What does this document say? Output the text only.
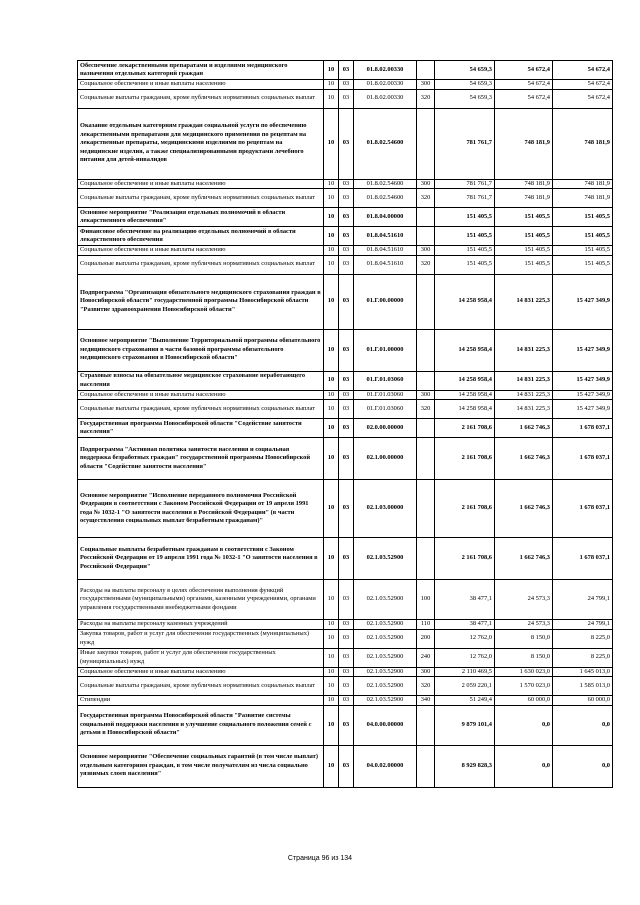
Обеспечение лекарственными препаратами и изделиями медицинского назначения отдельных категорий граждан	10	03	01.8.02.00330		54 659,3	54 672,4	54 672,4
Социальное обеспечение и иные выплаты населению	10	03	01.8.02.00330	300	54 659,3	54 672,4	54 672,4
Социальные выплаты гражданам, кроме публичных нормативных социальных выплат	10	03	01.8.02.00330	320	54 659,3	54 672,4	54 672,4
Оказание отдельным категориям граждан социальной услуги по обеспечению лекарственными препаратами для медицинского применения по рецептам на лекарственные препараты, медицинскими изделиями по рецептам на медицинские изделия, а также специализированными продуктами лечебного питания для детей-инвалидов	10	03	01.8.02.54600		781 761,7	748 181,9	748 181,9
Социальное обеспечение и иные выплаты населению	10	03	01.8.02.54600	300	781 761,7	748 181,9	748 181,9
Социальные выплаты гражданам, кроме публичных нормативных социальных выплат	10	03	01.8.02.54600	320	781 761,7	748 181,9	748 181,9
Основное мероприятие "Реализация отдельных полномочий в области лекарственного обеспечения"	10	03	01.8.04.00000		151 405,5	151 405,5	151 405,5
Финансовое обеспечение на реализацию отдельных полномочий в области лекарственного обеспечения	10	03	01.8.04.51610		151 405,5	151 405,5	151 405,5
Социальное обеспечение и иные выплаты населению	10	03	01.8.04.51610	300	151 405,5	151 405,5	151 405,5
Социальные выплаты гражданам, кроме публичных нормативных социальных выплат	10	03	01.8.04.51610	320	151 405,5	151 405,5	151 405,5
Подпрограмма "Организация обязательного медицинского страхования граждан в Новосибирской области" государственной программы Новосибирской области "Развитие здравоохранения Новосибирской области"	10	03	01.Г.00.00000		14 258 958,4	14 831 225,3	15 427 349,9
Основное мероприятие "Выполнение Территориальной программы обязательного медицинского страхования в части базовой программы обязательного медицинского страхования в Новосибирской области"	10	03	01.Г.01.00000		14 258 958,4	14 831 225,3	15 427 349,9
Страховые взносы на обязательное медицинское страхование неработающего населения	10	03	01.Г.01.03060		14 258 958,4	14 831 225,3	15 427 349,9
Социальное обеспечение и иные выплаты населению	10	03	01.Г.01.03060	300	14 258 958,4	14 831 225,3	15 427 349,9
Социальные выплаты гражданам, кроме публичных нормативных социальных выплат	10	03	01.Г.01.03060	320	14 258 958,4	14 831 225,3	15 427 349,9
Государственная программа Новосибирской области "Содействие занятости населения"	10	03	02.0.00.00000		2 161 708,6	1 662 746,3	1 678 037,1
Подпрограмма "Активная политика занятости населения и социальная поддержка безработных граждан" государственной программы Новосибирской области "Содействие занятости населения"	10	03	02.1.00.00000		2 161 708,6	1 662 746,3	1 678 037,1
Основное мероприятие "Исполнение переданного полномочия Российской Федерации в соответствии с Законом Российской Федерации от 19 апреля 1991 года № 1032-1 "О занятости населения в Российской Федерации" (в части осуществления социальных выплат безработным гражданам)"	10	03	02.1.03.00000		2 161 708,6	1 662 746,3	1 678 037,1
Социальные выплаты безработным гражданам в соответствии с Законом Российской Федерации от 19 апреля 1991 года № 1032-1 "О занятости населения в Российской Федерации"	10	03	02.1.03.52900		2 161 708,6	1 662 746,3	1 678 037,1
Расходы на выплаты персоналу в целях обеспечения выполнения функций государственными (муниципальными) органами, казенными учреждениями, органами управления государственными внебюджетными фондами	10	03	02.1.03.52900	100	38 477,1	24 573,3	24 799,1
Расходы на выплаты персоналу казенных учреждений	10	03	02.1.03.52900	110	38 477,1	24 573,3	24 799,1
Закупка товаров, работ и услуг для обеспечения государственных (муниципальных) нужд	10	03	02.1.03.52900	200	12 762,0	8 150,0	8 225,0
Иные закупки товаров, работ и услуг для обеспечения государственных (муниципальных) нужд	10	03	02.1.03.52900	240	12 762,0	8 150,0	8 225,0
Социальное обеспечение и иные выплаты населению	10	03	02.1.03.52900	300	2 110 469,5	1 630 023,0	1 645 013,0
Социальные выплаты гражданам, кроме публичных нормативных социальных выплат	10	03	02.1.03.52900	320	2 059 220,1	1 570 023,0	1 585 013,0
Стипендии	10	03	02.1.03.52900	340	51 249,4	60 000,0	60 000,0
Государственная программа Новосибирской области "Развитие системы социальной поддержки населения и улучшение социального положения семей с детьми в Новосибирской области"	10	03	04.0.00.00000		9 879 101,4	0,0	0,0
Основное мероприятие "Обеспечение социальных гарантий (в том числе выплат) отдельным категориям граждан, в том числе получателям из числа социально уязвимых слоев населения"	10	03	04.0.02.00000		8 929 828,3	0,0	0,0
Страница 96 из 134
